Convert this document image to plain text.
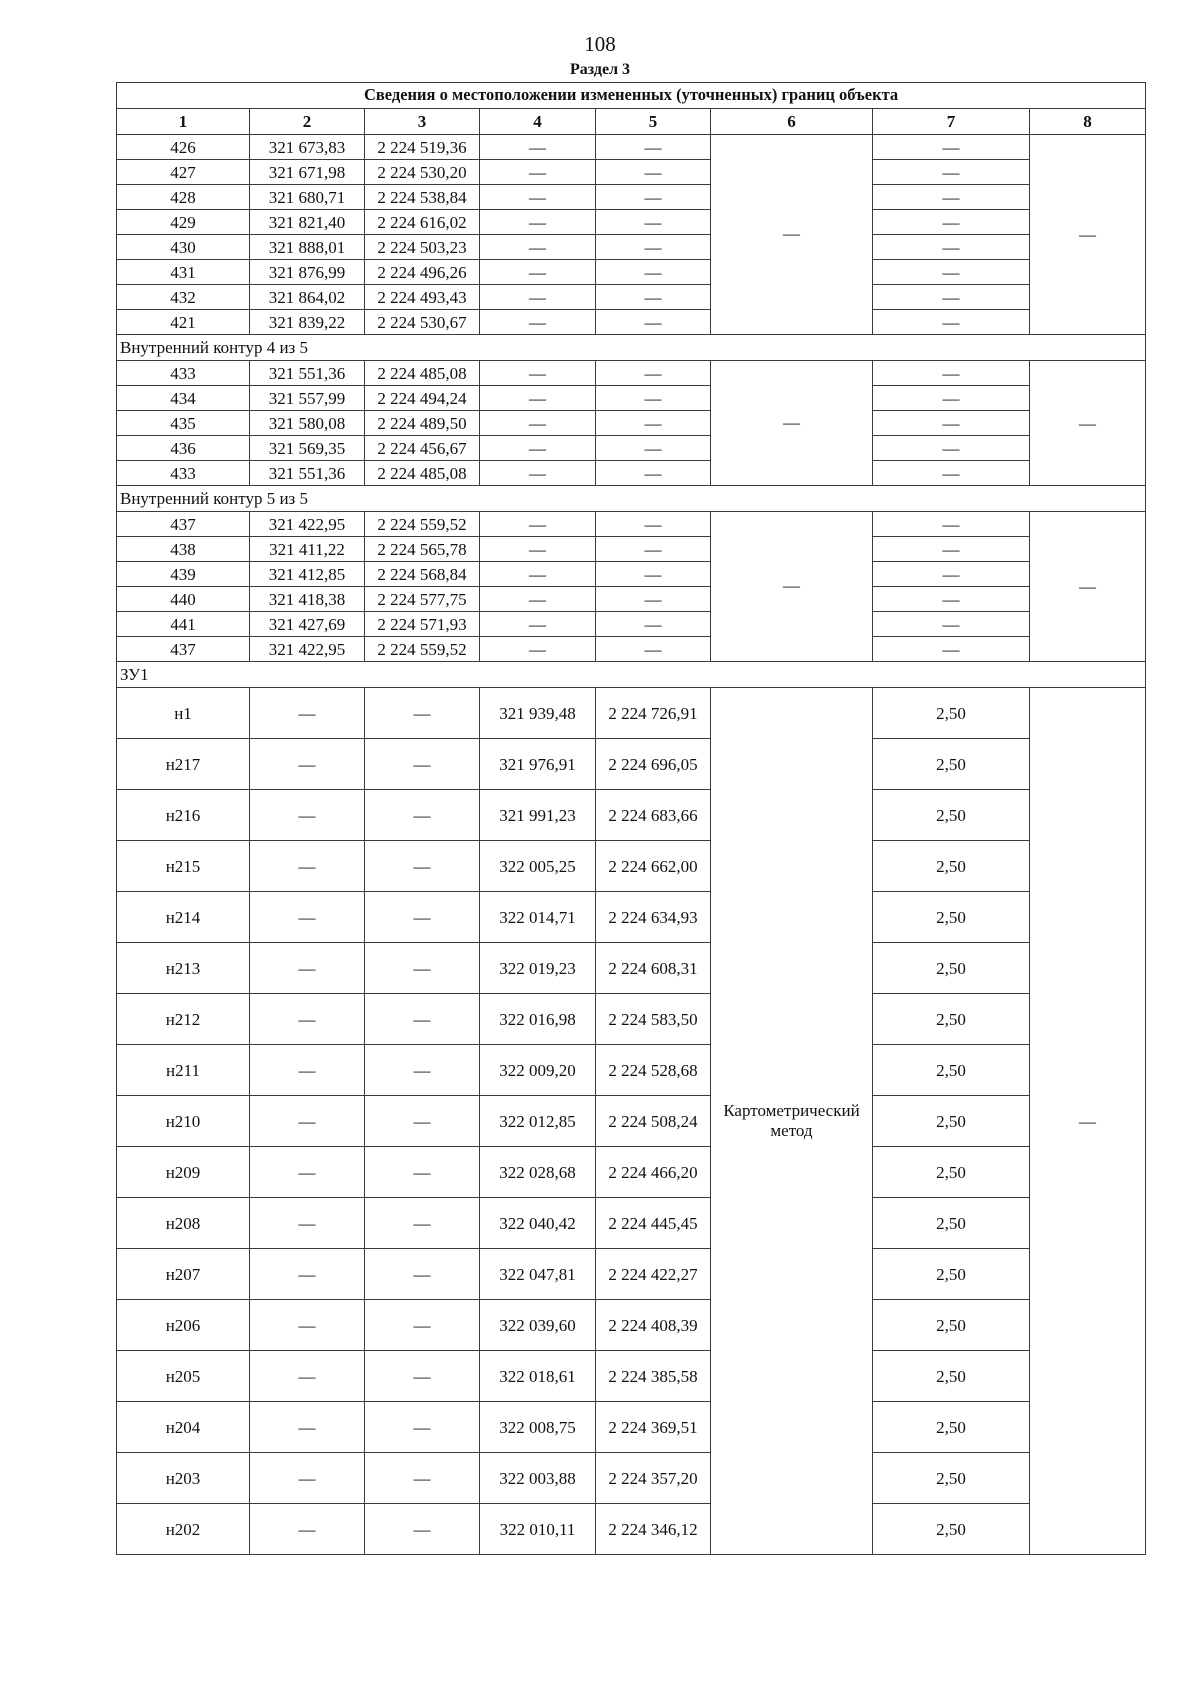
108
Раздел 3
Сведения о местоположении измененных (уточненных) границ объекта							
1	2	3	4	5	6	7	8
426	321 673,83	2 224 519,36	—	—	—	—	—
427	321 671,98	2 224 530,20	—	—		—	
428	321 680,71	2 224 538,84	—	—		—	
429	321 821,40	2 224 616,02	—	—		—	
430	321 888,01	2 224 503,23	—	—		—	
431	321 876,99	2 224 496,26	—	—		—	
432	321 864,02	2 224 493,43	—	—		—	
421	321 839,22	2 224 530,67	—	—		—	
Внутренний контур 4 из 5							
433	321 551,36	2 224 485,08	—	—	—	—	—
434	321 557,99	2 224 494,24	—	—		—	
435	321 580,08	2 224 489,50	—	—		—	
436	321 569,35	2 224 456,67	—	—		—	
433	321 551,36	2 224 485,08	—	—		—	
Внутренний контур 5 из 5							
437	321 422,95	2 224 559,52	—	—	—	—	—
438	321 411,22	2 224 565,78	—	—		—	
439	321 412,85	2 224 568,84	—	—		—	
440	321 418,38	2 224 577,75	—	—		—	
441	321 427,69	2 224 571,93	—	—		—	
437	321 422,95	2 224 559,52	—	—		—	
ЗУ1							
н1	—	—	321 939,48	2 224 726,91	Картометрический метод	2,50	—
н217	—	—	321 976,91	2 224 696,05		2,50	
н216	—	—	321 991,23	2 224 683,66		2,50	
н215	—	—	322 005,25	2 224 662,00		2,50	
н214	—	—	322 014,71	2 224 634,93		2,50	
н213	—	—	322 019,23	2 224 608,31		2,50	
н212	—	—	322 016,98	2 224 583,50		2,50	
н211	—	—	322 009,20	2 224 528,68		2,50	
н210	—	—	322 012,85	2 224 508,24		2,50	
н209	—	—	322 028,68	2 224 466,20		2,50	
н208	—	—	322 040,42	2 224 445,45		2,50	
н207	—	—	322 047,81	2 224 422,27		2,50	
н206	—	—	322 039,60	2 224 408,39		2,50	
н205	—	—	322 018,61	2 224 385,58		2,50	
н204	—	—	322 008,75	2 224 369,51		2,50	
н203	—	—	322 003,88	2 224 357,20		2,50	
н202	—	—	322 010,11	2 224 346,12		2,50	
